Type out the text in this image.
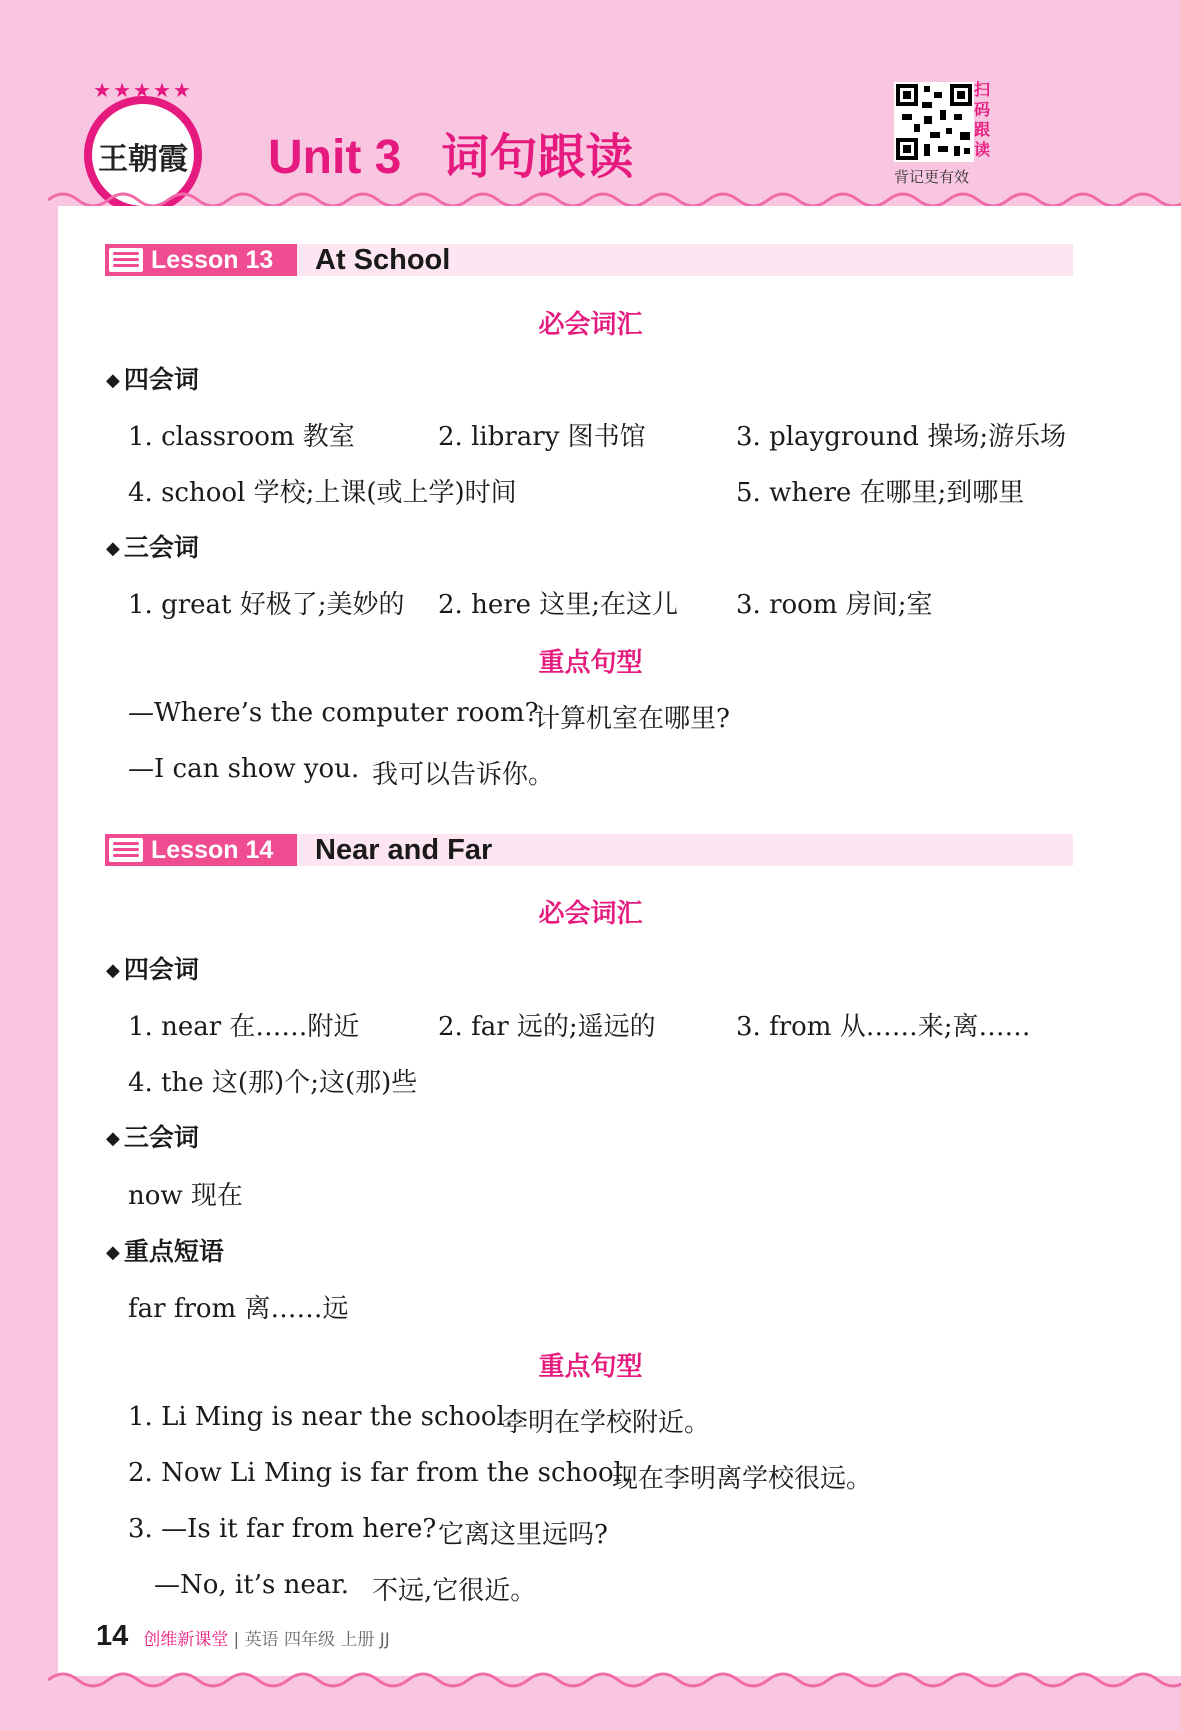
★★★★★
王朝霞 Unit 3 词句跟读
扫码跟读
背记更有效
Lesson 13	At School
必会词汇
◆ 四会词
1. classroom 教室	2. library 图书馆	3. playground 操场;游乐场
4. school 学校;上课(或上学)时间	5. where 在哪里;到哪里
◆ 三会词
1. great 好极了;美妙的 2. here 这里;在这儿 3. room 房间;室
重点句型
—Where’s the computer room?
计算机室在哪里?
—I can show you. 我可以告诉你。
Lesson 14	Near and Far
必会词汇
◆ 四会词
1. near 在……附近	2. far 远的;遥远的	3. from 从……来;离……
4. the 这(那)个;这(那)些
◆ 三会词
now 现在
◆ 重点短语
far from 离……远
重点句型
1. Li Ming is near the school.
李明在学校附近。
2. Now Li Ming is far from the school.
现在李明离学校很远。
3. —Is it far from here? 它离这里远吗?
—No, it’s near. 不远,它很近。
14 创维新课堂 | 英语 四年级 上册 JJ
